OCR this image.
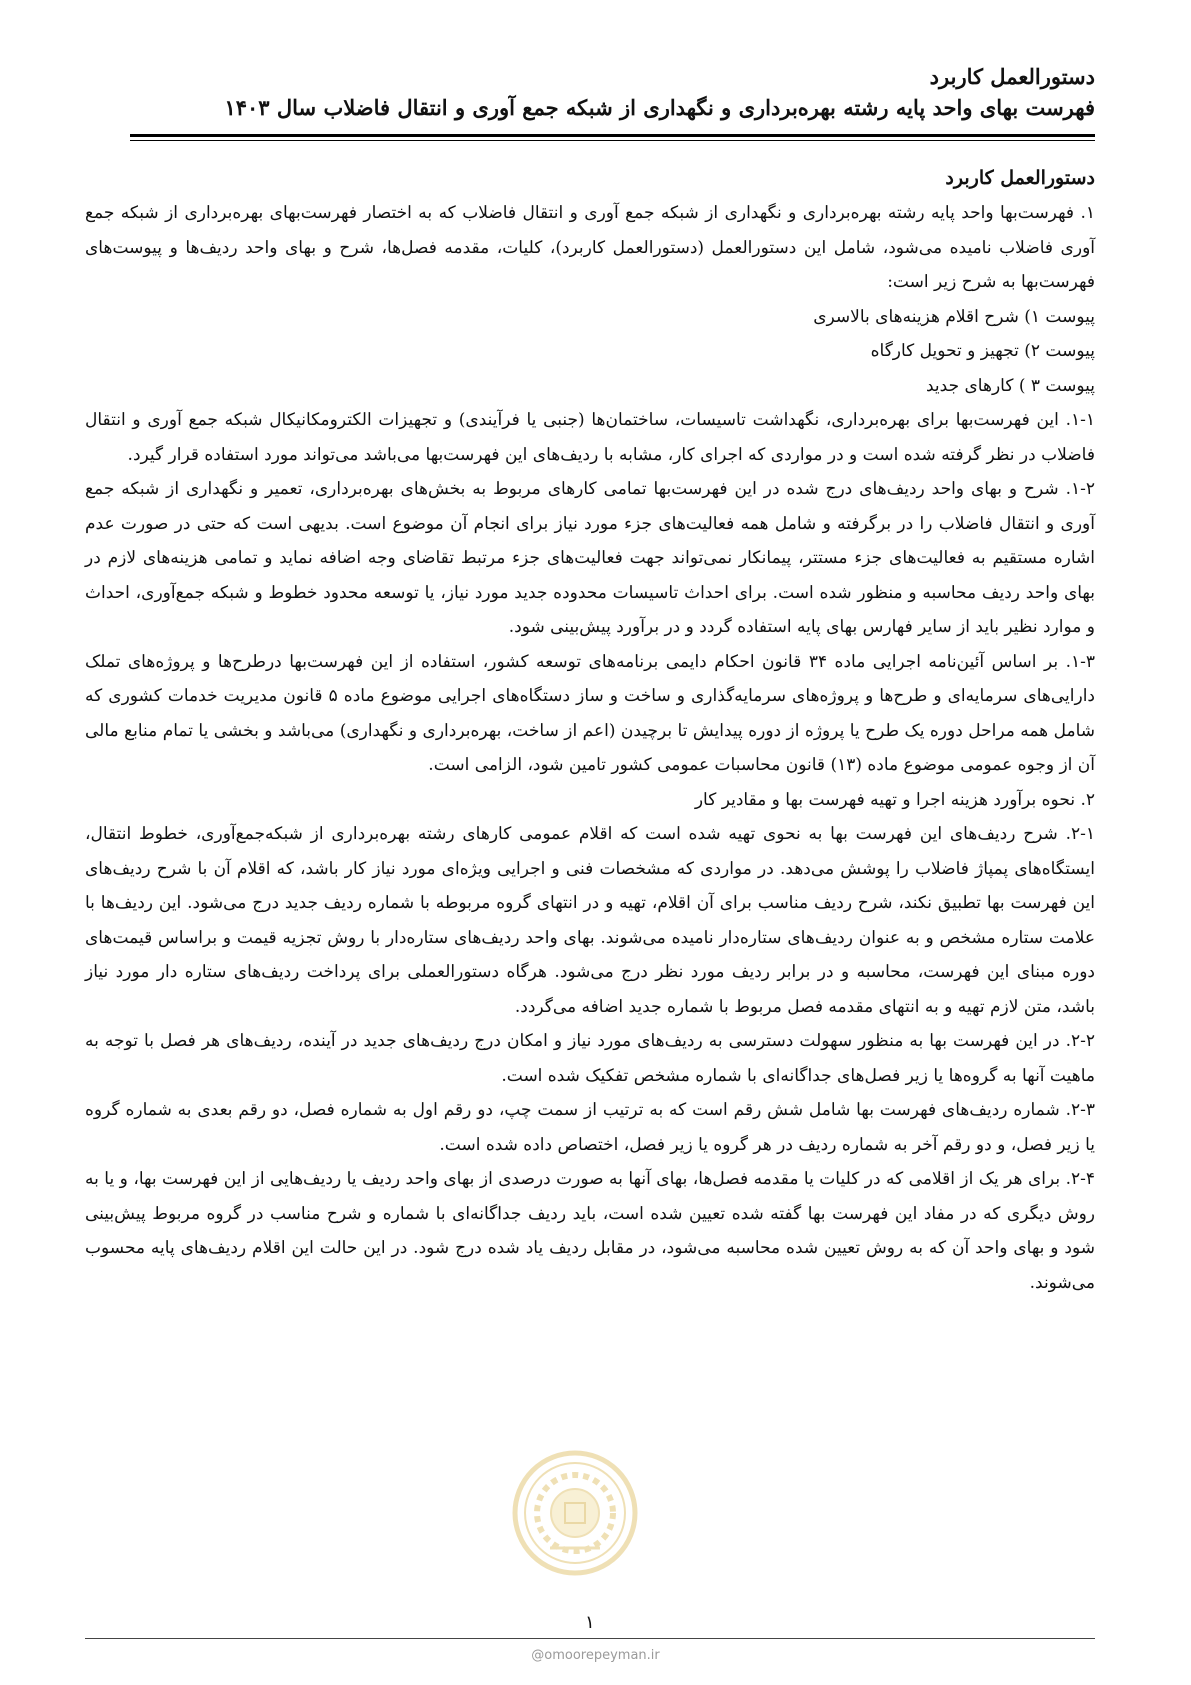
دستورالعمل کاربرد
فهرست بهای واحد پایه رشته بهره‌برداری و نگهداری از شبکه جمع آوری و انتقال فاضلاب سال ۱۴۰۳
دستورالعمل کاربرد

۱. فهرست‌بها واحد پایه رشته بهره‌برداری و نگهداری از شبکه جمع آوری و انتقال فاضلاب که به اختصار فهرست‌بهای بهره‌برداری از شبکه جمع آوری فاضلاب نامیده می‌شود، شامل این دستورالعمل (دستورالعمل کاربرد)، کلیات، مقدمه فصل‌ها، شرح و بهای واحد ردیف‌ها و پیوست‌های فهرست‌بها به شرح زیر است:

پیوست ۱) شرح اقلام هزینه‌های بالاسری

پیوست ۲) تجهیز و تحویل کارگاه

پیوست ۳ ) کارهای جدید

۱-۱. این فهرست‌بها برای بهره‌برداری، نگهداشت تاسیسات، ساختمان‌ها (جنبی یا فرآیندی) و تجهیزات الکترومکانیکال شبکه جمع آوری و انتقال فاضلاب در نظر گرفته شده است و در مواردی که اجرای کار، مشابه با ردیف‌های این فهرست‌بها می‌باشد می‌تواند مورد استفاده قرار گیرد.

۱-۲. شرح و بهای واحد ردیف‌های درج شده در این فهرست‌بها تمامی کارهای مربوط به بخش‌های بهره‌برداری، تعمیر و نگهداری از شبکه جمع آوری و انتقال فاضلاب را در برگرفته و شامل همه فعالیت‌های جزء مورد نیاز برای انجام آن موضوع است. بدیهی است که حتی در صورت عدم اشاره مستقیم به فعالیت‌های جزء مستتر، پیمانکار نمی‌تواند جهت فعالیت‌های جزء مرتبط تقاضای وجه اضافه نماید و تمامی هزینه‌های لازم در بهای واحد ردیف محاسبه و منظور شده است. برای احداث تاسیسات محدوده جدید مورد نیاز، یا توسعه محدود خطوط و شبکه جمع‌آوری، احداث و موارد نظیر باید از سایر فهارس بهای پایه استفاده گردد و در برآورد پیش‌بینی شود.

۱-۳. بر اساس آئین‌نامه اجرایی ماده ۳۴ قانون احکام دایمی برنامه‌های توسعه کشور، استفاده از این فهرست‌بها درطرح‌ها و پروژه‌های تملک دارایی‌های سرمایه‌ای و طرح‌ها و پروژه‌های سرمایه‌گذاری و ساخت و ساز دستگاه‌های اجرایی موضوع ماده ۵ قانون مدیریت خدمات کشوری که شامل همه مراحل دوره یک طرح یا پروژه از دوره پیدایش تا برچیدن (اعم از ساخت، بهره‌برداری و نگهداری) می‌باشد و بخشی یا تمام منابع مالی آن از وجوه عمومی موضوع ماده (۱۳) قانون محاسبات عمومی کشور تامین شود، الزامی است.

۲. نحوه برآورد هزینه اجرا و تهیه فهرست بها و مقادیر کار

۲-۱. شرح ردیف‌های این فهرست بها به نحوی تهیه شده است که اقلام عمومی کارهای رشته بهره‌برداری از شبکه‌جمع‌آوری، خطوط انتقال، ایستگاه‌های پمپاژ فاضلاب را پوشش می‌دهد. در مواردی که مشخصات فنی و اجرایی ویژه‌ای مورد نیاز کار باشد، که اقلام آن با شرح ردیف‌های این فهرست بها تطبیق نکند، شرح ردیف مناسب برای آن اقلام، تهیه و در انتهای گروه مربوطه با شماره ردیف جدید درج می‌شود. این ردیف‌ها با علامت ستاره مشخص و به عنوان ردیف‌های ستاره‌دار نامیده می‌شوند. بهای واحد ردیف‌های ستاره‌دار با روش تجزیه قیمت و براساس قیمت‌های دوره مبنای این فهرست، محاسبه و در برابر ردیف مورد نظر درج می‌شود. هرگاه دستورالعملی برای پرداخت ردیف‌های ستاره دار مورد نیاز باشد، متن لازم تهیه و به انتهای مقدمه فصل مربوط با شماره جدید اضافه می‌گردد.

۲-۲. در این فهرست بها به منظور سهولت دسترسی به ردیف‌های مورد نیاز و امکان درج ردیف‌های جدید در آینده، ردیف‌های هر فصل با توجه به ماهیت آنها به گروه‌ها یا زیر فصل‌های جداگانه‌ای با شماره مشخص تفکیک شده است.

۲-۳. شماره ردیف‌های فهرست بها شامل شش رقم است که به ترتیب از سمت چپ، دو رقم اول به شماره فصل، دو رقم بعدی به شماره گروه یا زیر فصل، و دو رقم آخر به شماره ردیف در هر گروه یا زیر فصل، اختصاص داده شده است.

۲-۴. برای هر یک از اقلامی که در کلیات یا مقدمه فصل‌ها، بهای آنها به صورت درصدی از بهای واحد ردیف یا ردیف‌هایی از این فهرست بها، و یا به روش دیگری که در مفاد این فهرست بها گفته شده تعیین شده است، باید ردیف جداگانه‌ای با شماره و شرح مناسب در گروه مربوط پیش‌بینی شود و بهای واحد آن که به روش تعیین شده محاسبه می‌شود، در مقابل ردیف یاد شده درج شود. در این حالت این اقلام ردیف‌های پایه محسوب می‌شوند.

۱
@omoorepeyman.ir
